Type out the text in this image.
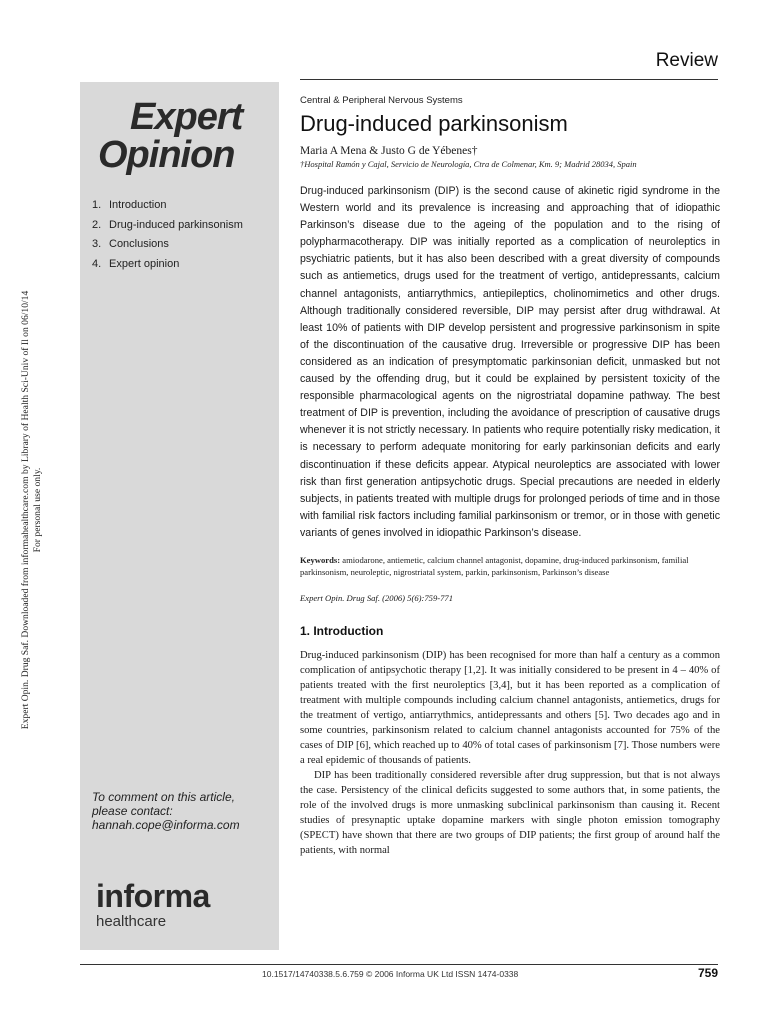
Expert Opin. Drug Saf. Downloaded from informahealthcare.com by Library of Health Sci-Univ of Il on 06/10/14 For personal use only.
Review
Expert
Opinion
1. Introduction
2. Drug-induced parkinsonism
3. Conclusions
4. Expert opinion
To comment on this article,
please contact:
hannah.cope@informa.com
informa
healthcare
Central & Peripheral Nervous Systems
Drug-induced parkinsonism
Maria A Mena & Justo G de Yébenes†
†Hospital Ramón y Cajal, Servicio de Neurología, Ctra de Colmenar, Km. 9; Madrid 28034, Spain
Drug-induced parkinsonism (DIP) is the second cause of akinetic rigid syndrome in the Western world and its prevalence is increasing and approaching that of idiopathic Parkinson’s disease due to the ageing of the population and to the rising of polypharmacotherapy. DIP was initially reported as a complication of neuroleptics in psychiatric patients, but it has also been described with a great diversity of compounds such as antiemetics, drugs used for the treatment of vertigo, antidepressants, calcium channel antagonists, antiarrythmics, antiepileptics, cholinomimetics and other drugs. Although traditionally considered reversible, DIP may persist after drug withdrawal. At least 10% of patients with DIP develop persistent and progressive parkinsonism in spite of the discontinuation of the causative drug. Irreversible or progressive DIP has been considered as an indication of presymptomatic parkinsonian deficit, unmasked but not caused by the offending drug, but it could be explained by persistent toxicity of the responsible pharmacological agents on the nigrostriatal dopamine pathway. The best treatment of DIP is prevention, including the avoidance of prescription of causative drugs whenever it is not strictly necessary. In patients who require potentially risky medication, it is necessary to perform adequate monitoring for early parkinsonian deficits and early discontinuation if these deficits appear. Atypical neuroleptics are associated with lower risk than first generation antipsychotic drugs. Special precautions are needed in elderly subjects, in patients treated with multiple drugs for prolonged periods of time and in those with familial risk factors including familial parkinsonism or tremor, or in those with genetic variants of genes involved in idiopathic Parkinson’s disease.
Keywords: amiodarone, antiemetic, calcium channel antagonist, dopamine, drug-induced parkinsonism, familial parkinsonism, neuroleptic, nigrostriatal system, parkin, parkinsonism, Parkinson’s disease
Expert Opin. Drug Saf. (2006) 5(6):759-771
1. Introduction

Drug-induced parkinsonism (DIP) has been recognised for more than half a century as a common complication of antipsychotic therapy [1,2]. It was initially considered to be present in 4 – 40% of patients treated with the first neuroleptics [3,4], but it has been reported as a complication of treatment with multiple compounds including calcium channel antagonists, antiemetics, drugs for the treatment of vertigo, antiarrythmics, antidepressants and others [5]. Two decades ago and in some countries, parkinsonism related to calcium channel antagonists accounted for 75% of the cases of DIP [6], which reached up to 40% of total cases of parkinsonism [7]. Those numbers were a real epidemic of thousands of patients.

DIP has been traditionally considered reversible after drug suppression, but that is not always the case. Persistency of the clinical deficits suggested to some authors that, in some patients, the role of the involved drugs is more unmasking subclinical parkinsonism than causing it. Recent studies of presynaptic uptake dopamine markers with single photon emission tomography (SPECT) have shown that there are two groups of DIP patients; the first group of around half the patients, with normal

10.1517/14740338.5.6.759 © 2006 Informa UK Ltd ISSN 1474-0338	759
